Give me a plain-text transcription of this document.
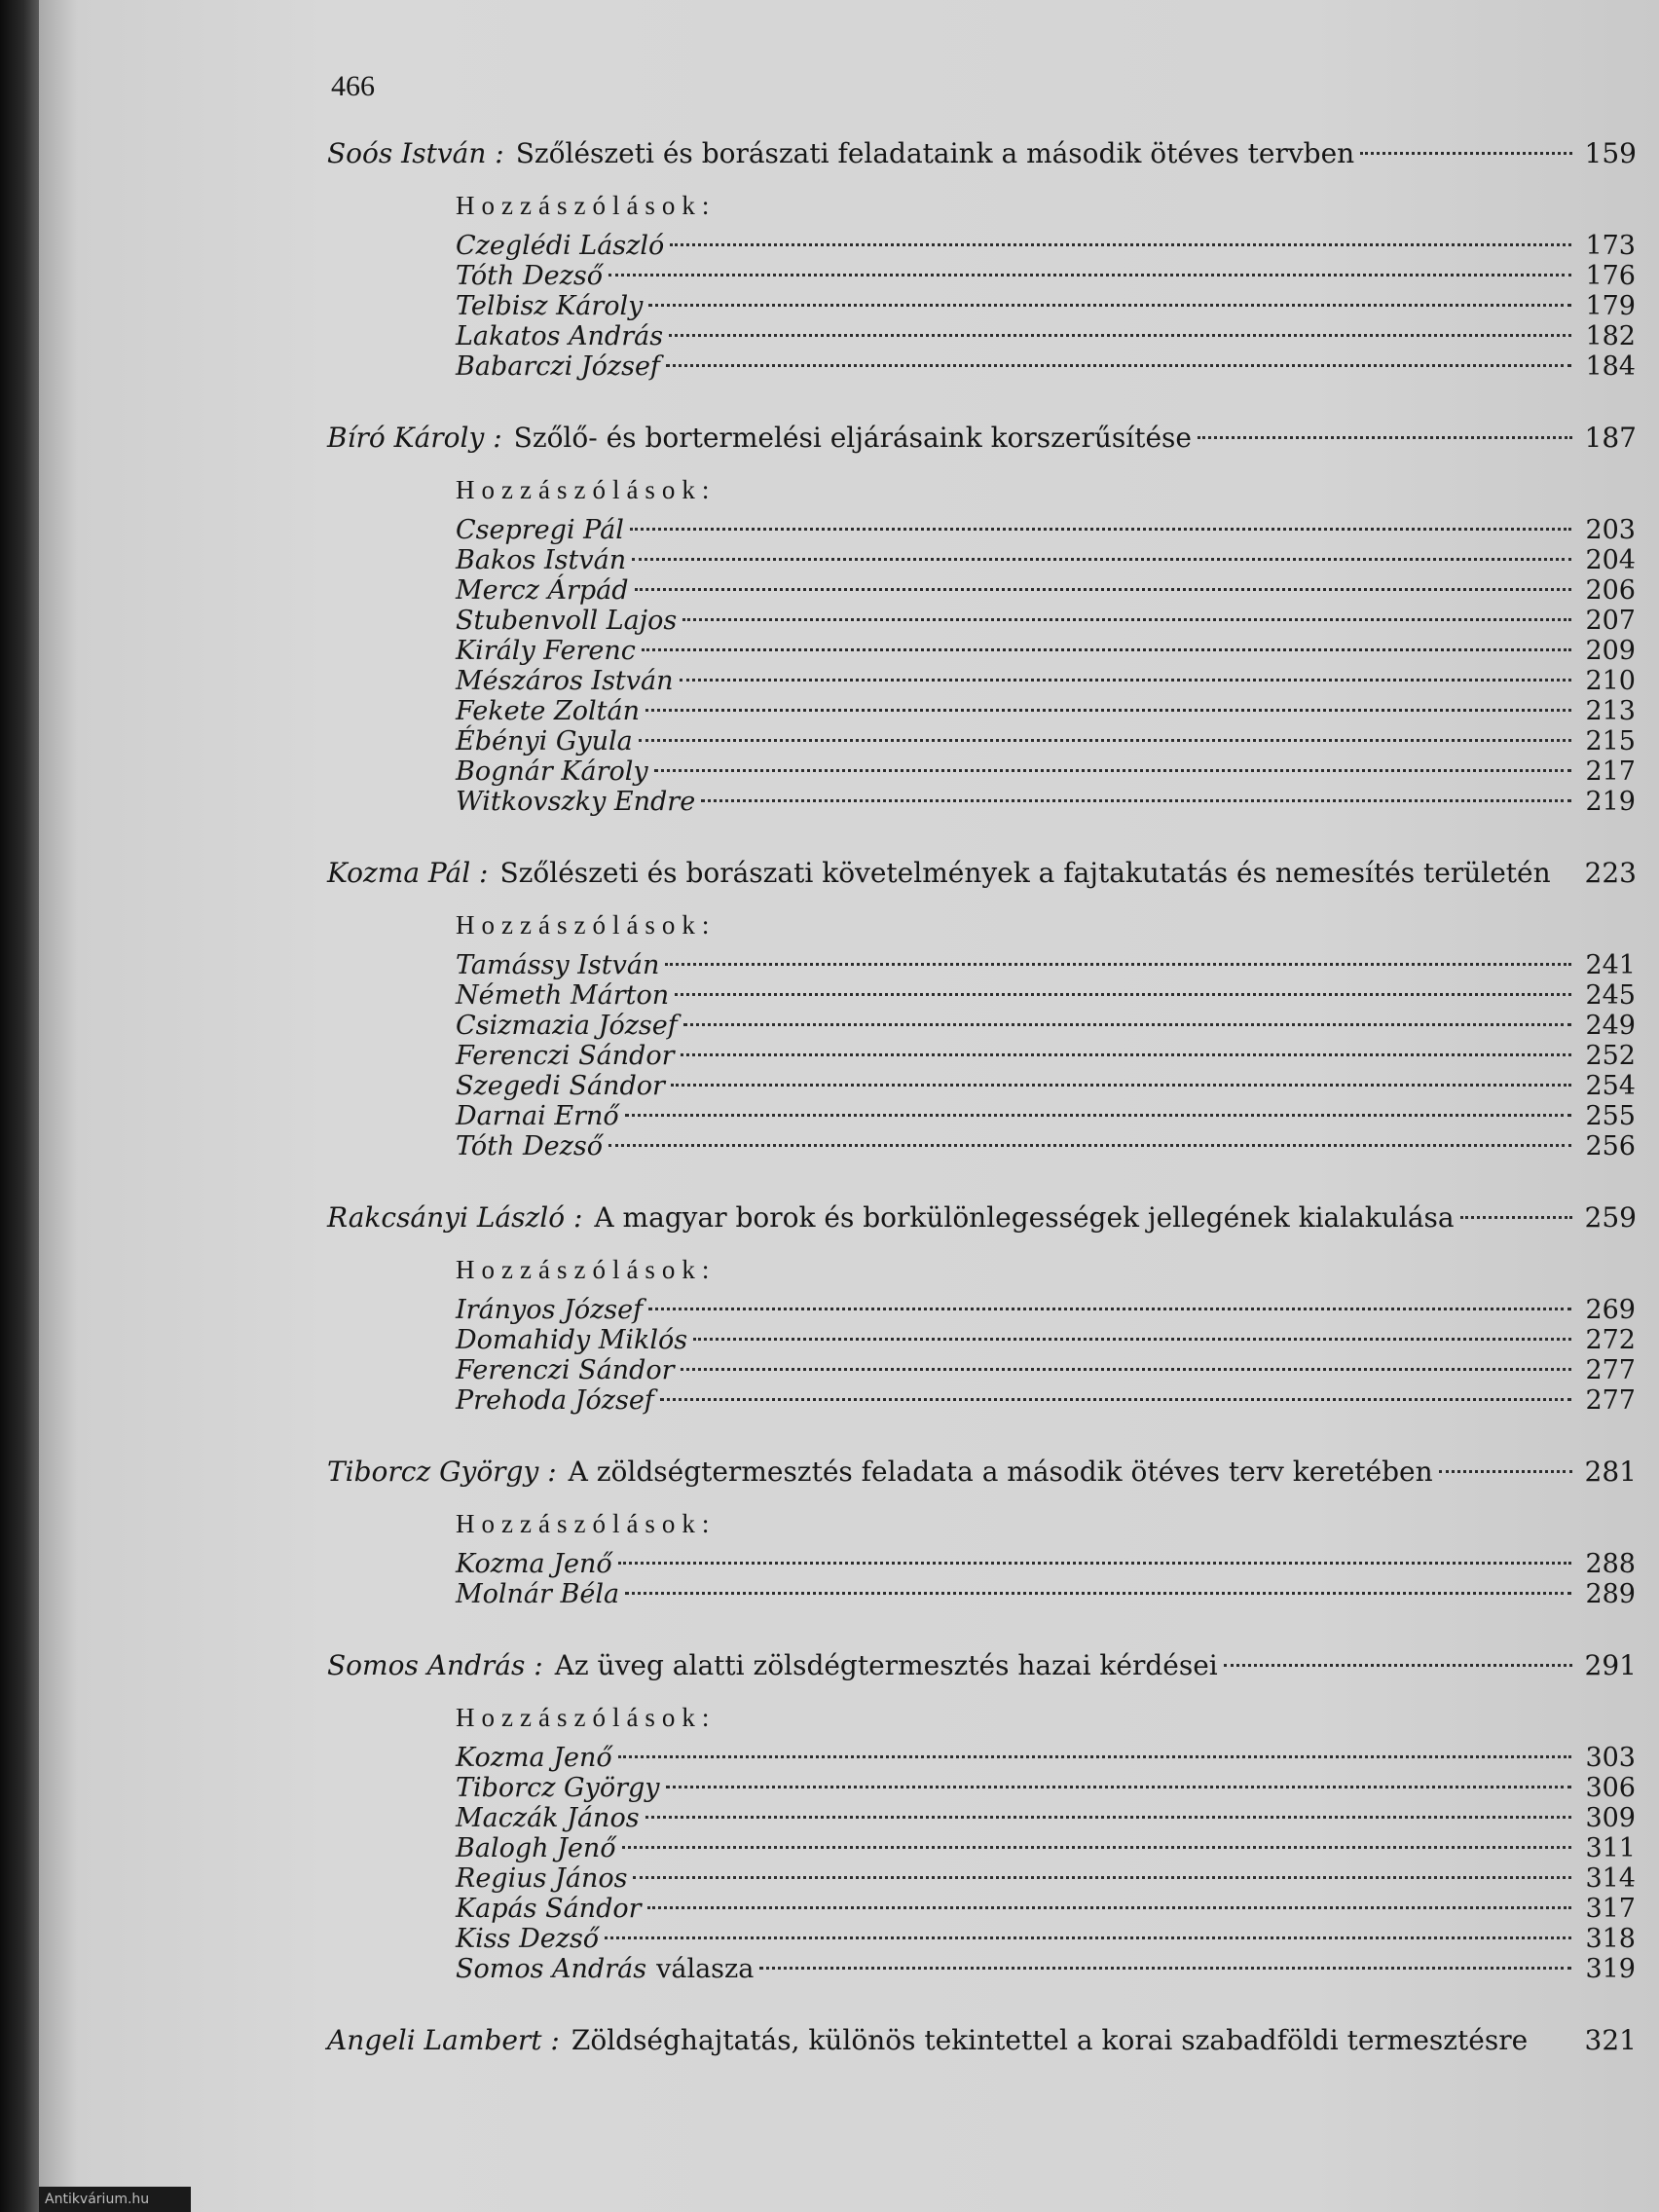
466
Soós István : Szőlészeti és borászati feladataink a második ötéves tervben	159
Hozzászólások:
Czeglédi László	173
Tóth Dezső	176
Telbisz Károly	179
Lakatos András	182
Babarczi József	184
Bíró Károly : Szőlő- és bortermelési eljárásaink korszerűsítése	187
Hozzászólások:
Csepregi Pál	203
Bakos István	204
Mercz Árpád	206
Stubenvoll Lajos	207
Király Ferenc	209
Mészáros István	210
Fekete Zoltán	213
Ébényi Gyula	215
Bognár Károly	217
Witkovszky Endre	219
Kozma Pál : Szőlészeti és borászati követelmények a fajtakutatás és nemesítés területén 223
Hozzászólások:
Tamássy István	241
Németh Márton	245
Csizmazia József	249
Ferenczi Sándor	252
Szegedi Sándor	254
Darnai Ernő	255
Tóth Dezső	256
Rakcsányi László : A magyar borok és borkülönlegességek jellegének kialakulása	259
Hozzászólások:
Irányos József	269
Domahidy Miklós	272
Ferenczi Sándor	277
Prehoda József	277
Tiborcz György : A zöldségtermesztés feladata a második ötéves terv keretében	281
Hozzászólások:
Kozma Jenő	288
Molnár Béla	289
Somos András : Az üveg alatti zölsdégtermesztés hazai kérdései	291
Hozzászólások:
Kozma Jenő	303
Tiborcz György	306
Maczák János	309
Balogh Jenő	311
Regius János	314
Kapás Sándor	317
Kiss Dezső	318
Somos András válasza	319
Angeli Lambert : Zöldséghajtatás, különös tekintettel a korai szabadföldi termesztésre 321
Antikvárium.hu
